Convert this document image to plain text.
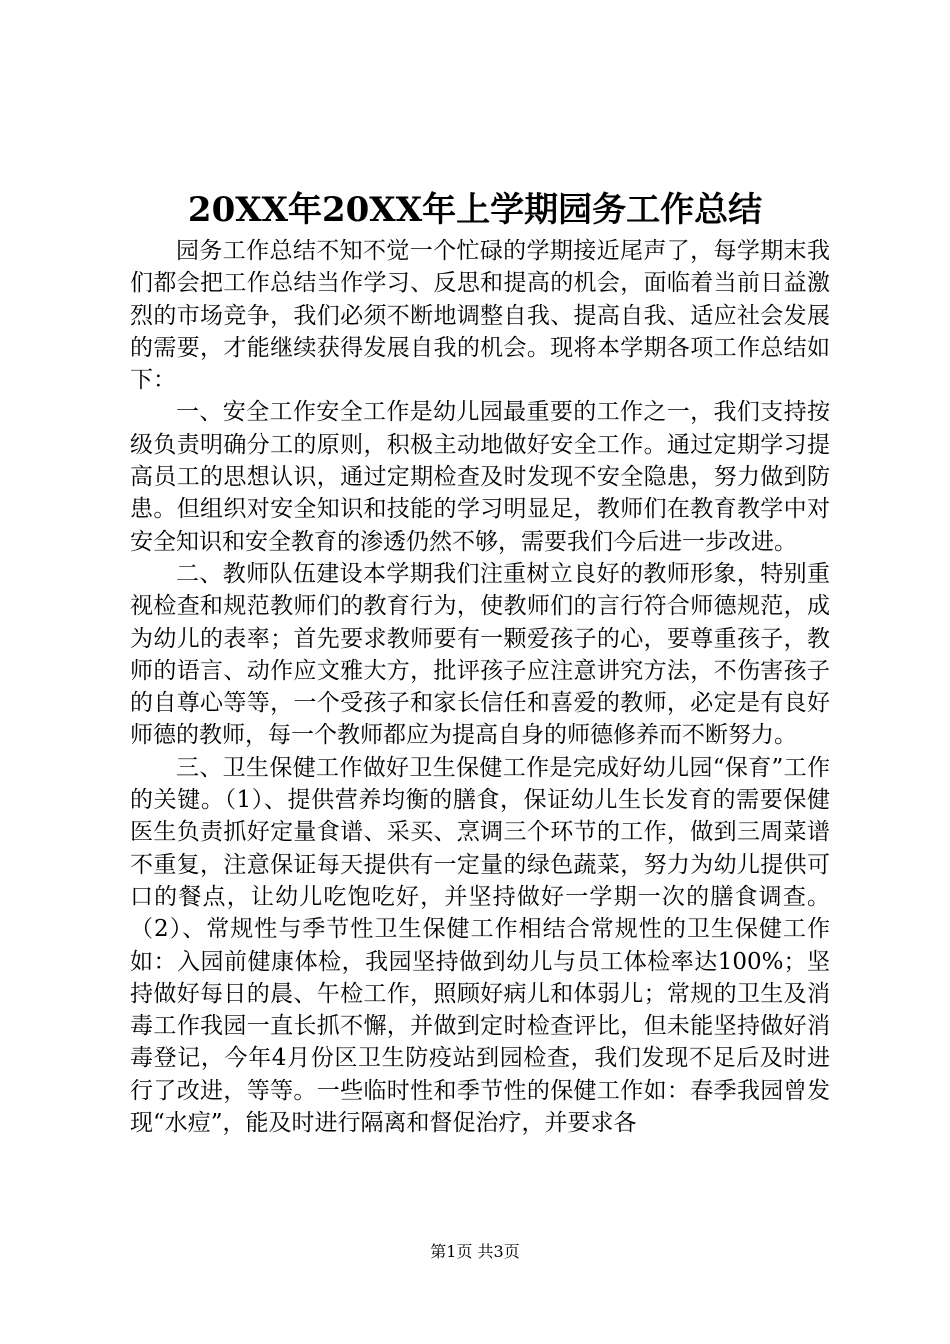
20XX年20XX年上学期园务工作总结

园务工作总结不知不觉一个忙碌的学期接近尾声了，每学期末我们都会把工作总结当作学习、反思和提高的机会，面临着当前日益激烈的市场竞争，我们必须不断地调整自我、提高自我、适应社会发展的需要，才能继续获得发展自我的机会。现将本学期各项工作总结如下：

一、安全工作安全工作是幼儿园最重要的工作之一，我们支持按级负责明确分工的原则，积极主动地做好安全工作。通过定期学习提高员工的思想认识，通过定期检查及时发现不安全隐患，努力做到防患。但组织对安全知识和技能的学习明显足，教师们在教育教学中对安全知识和安全教育的渗透仍然不够，需要我们今后进一步改进。

二、教师队伍建设本学期我们注重树立良好的教师形象，特别重视检查和规范教师们的教育行为，使教师们的言行符合师德规范，成为幼儿的表率；首先要求教师要有一颗爱孩子的心，要尊重孩子，教师的语言、动作应文雅大方，批评孩子应注意讲究方法，不伤害孩子的自尊心等等，一个受孩子和家长信任和喜爱的教师，必定是有良好师德的教师，每一个教师都应为提高自身的师德修养而不断努力。

三、卫生保健工作做好卫生保健工作是完成好幼儿园“保育”工作的关键。（1）、提供营养均衡的膳食，保证幼儿生长发育的需要保健医生负责抓好定量食谱、采买、烹调三个环节的工作，做到三周菜谱不重复，注意保证每天提供有一定量的绿色蔬菜，努力为幼儿提供可口的餐点，让幼儿吃饱吃好，并坚持做好一学期一次的膳食调查。（2）、常规性与季节性卫生保健工作相结合常规性的卫生保健工作如：入园前健康体检，我园坚持做到幼儿与员工体检率达100%；坚持做好每日的晨、午检工作，照顾好病儿和体弱儿；常规的卫生及消毒工作我园一直长抓不懈，并做到定时检查评比，但未能坚持做好消毒登记，今年4月份区卫生防疫站到园检查，我们发现不足后及时进行了改进，等等。一些临时性和季节性的保健工作如：春季我园曾发现“水痘”，能及时进行隔离和督促治疗，并要求各

第1页 共3页
